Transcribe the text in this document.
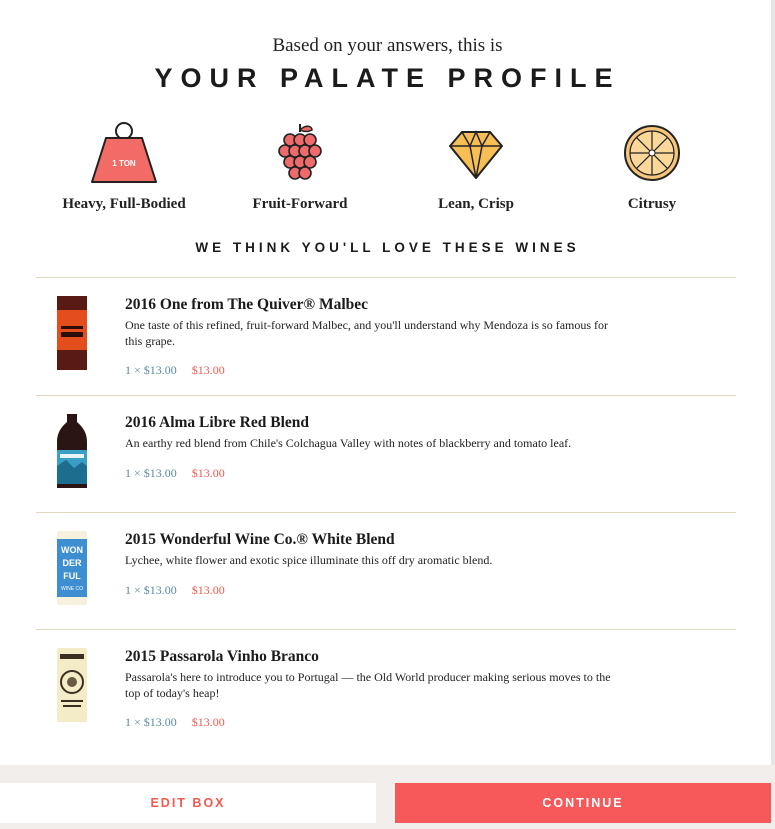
Based on your answers, this is
YOUR PALATE PROFILE
1 TON
Heavy, Full-Bodied	Fruit-Forward	Lean, Crisp	Citrusy
WE THINK YOU'LL LOVE THESE WINES
2016 One from The Quiver® Malbec
One taste of this refined, fruit-forward Malbec, and you'll understand why Mendoza is so famous for this grape.
1 × $13.00 $13.00
2016 Alma Libre Red Blend
An earthy red blend from Chile's Colchagua Valley with notes of blackberry and tomato leaf.
1 × $13.00 $13.00
WON
DER
FUL
WINE CO
2015 Wonderful Wine Co.® White Blend
Lychee, white flower and exotic spice illuminate this off dry aromatic blend.
1 × $13.00 $13.00
2015 Passarola Vinho Branco
Passarola's here to introduce you to Portugal — the Old World producer making serious moves to the top of today's heap!
1 × $13.00 $13.00
EDIT BOX	CONTINUE
